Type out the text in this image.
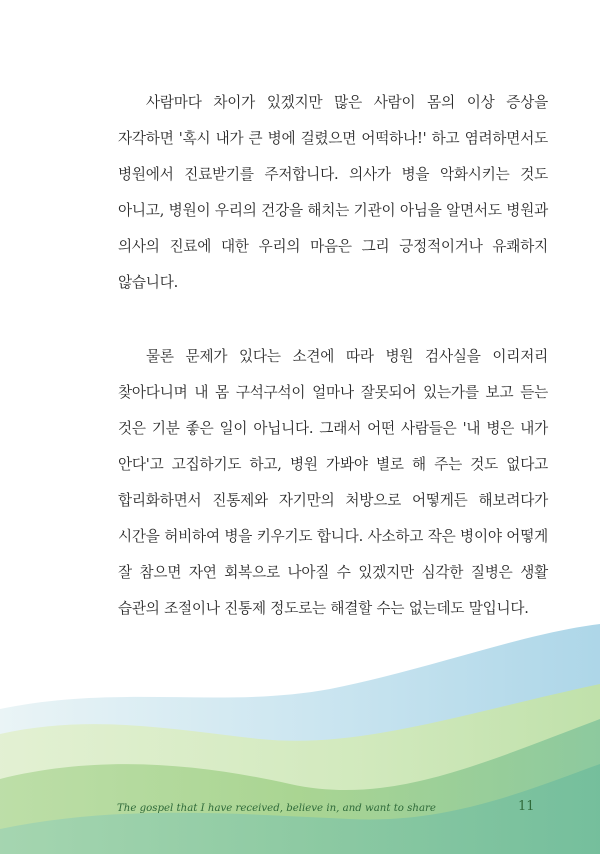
사람마다 차이가 있겠지만 많은 사람이 몸의 이상 증상을 자각하면 '혹시 내가 큰 병에 걸렸으면 어떡하나!' 하고 염려하면서도 병원에서 진료받기를 주저합니다. 의사가 병을 악화시키는 것도 아니고, 병원이 우리의 건강을 해치는 기관이 아님을 알면서도 병원과 의사의 진료에 대한 우리의 마음은 그리 긍정적이거나 유쾌하지 않습니다.

물론 문제가 있다는 소견에 따라 병원 검사실을 이리저리 찾아다니며 내 몸 구석구석이 얼마나 잘못되어 있는가를 보고 듣는 것은 기분 좋은 일이 아닙니다. 그래서 어떤 사람들은 '내 병은 내가 안다'고 고집하기도 하고, 병원 가봐야 별로 해 주는 것도 없다고 합리화하면서 진통제와 자기만의 처방으로 어떻게든 해보려다가 시간을 허비하여 병을 키우기도 합니다. 사소하고 작은 병이야 어떻게 잘 참으면 자연 회복으로 나아질 수 있겠지만 심각한 질병은 생활 습관의 조절이나 진통제 정도로는 해결할 수는 없는데도 말입니다.

The gospel that I have received, believe in, and want to share	11
